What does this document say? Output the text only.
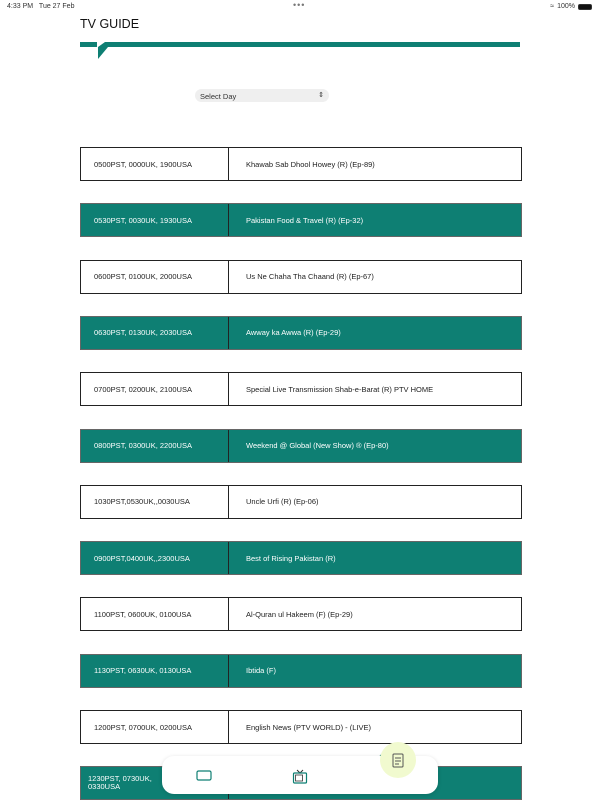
4:33 PM Tue 27 Feb	•••	≈ 100%
TV GUIDE
Select Day	⇕
0500PST, 0000UK, 1900USA	Khawab Sab Dhool Howey (R) (Ep-89)
0530PST, 0030UK, 1930USA	Pakistan Food & Travel (R) (Ep-32)
0600PST, 0100UK, 2000USA	Us Ne Chaha Tha Chaand (R) (Ep-67)
0630PST, 0130UK, 2030USA	Awway ka Awwa (R) (Ep-29)
0700PST, 0200UK, 2100USA	Special Live Transmission Shab-e-Barat (R) PTV HOME
0800PST, 0300UK, 2200USA	Weekend @ Global (New Show) ® (Ep-80)
1030PST,0530UK,,0030USA	Uncle Urfi (R) (Ep-06)
0900PST,0400UK,,2300USA	Best of Rising Pakistan (R)
1100PST, 0600UK, 0100USA	Al-Quran ul Hakeem (F) (Ep-29)
1130PST, 0630UK, 0130USA	Ibtida (F)
1200PST, 0700UK, 0200USA	English News (PTV WORLD) - (LIVE)
1230PST, 0730UK, 0330USA
